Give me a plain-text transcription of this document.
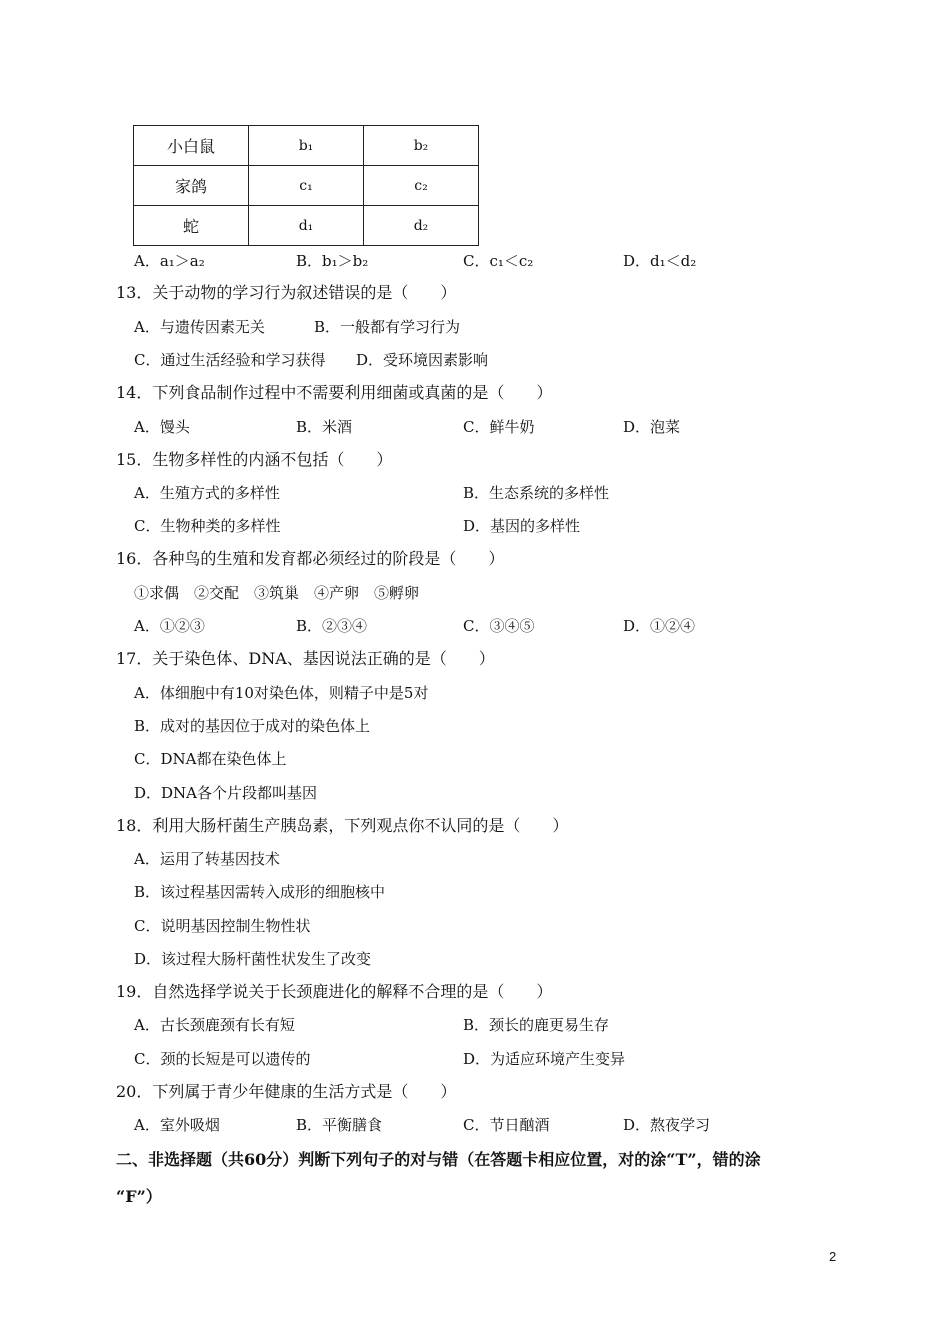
小白鼠	b₁	b₂
家鸽	c₁	c₂
蛇	d₁	d₂
A．a₁＞a₂	B．b₁＞b₂	C．c₁＜c₂	D．d₁＜d₂
13．关于动物的学习行为叙述错误的是（　　）
A．与遗传因素无关	B．一般都有学习行为
C．通过生活经验和学习获得 D．受环境因素影响
14．下列食品制作过程中不需要利用细菌或真菌的是（　　）
A．馒头	B．米酒	C．鲜牛奶	D．泡菜
15．生物多样性的内涵不包括（　　）
A．生殖方式的多样性	B．生态系统的多样性
C．生物种类的多样性	D．基因的多样性
16．各种鸟的生殖和发育都必须经过的阶段是（　　）
①求偶　②交配　③筑巢　④产卵　⑤孵卵
A．①②③	B．②③④	C．③④⑤	D．①②④
17．关于染色体、DNA、基因说法正确的是（　　）
A．体细胞中有10对染色体，则精子中是5对
B．成对的基因位于成对的染色体上
C．DNA都在染色体上
D．DNA各个片段都叫基因
18．利用大肠杆菌生产胰岛素，下列观点你不认同的是（　　）
A．运用了转基因技术
B．该过程基因需转入成形的细胞核中
C．说明基因控制生物性状
D．该过程大肠杆菌性状发生了改变
19．自然选择学说关于长颈鹿进化的解释不合理的是（　　）
A．古长颈鹿颈有长有短	B．颈长的鹿更易生存
C．颈的长短是可以遗传的	D．为适应环境产生变异
20．下列属于青少年健康的生活方式是（　　）
A．室外吸烟	B．平衡膳食	C．节日酗酒	D．熬夜学习
二、非选择题（共60分）判断下列句子的对与错（在答题卡相应位置，对的涂“T”，错的涂
“F”）
2
